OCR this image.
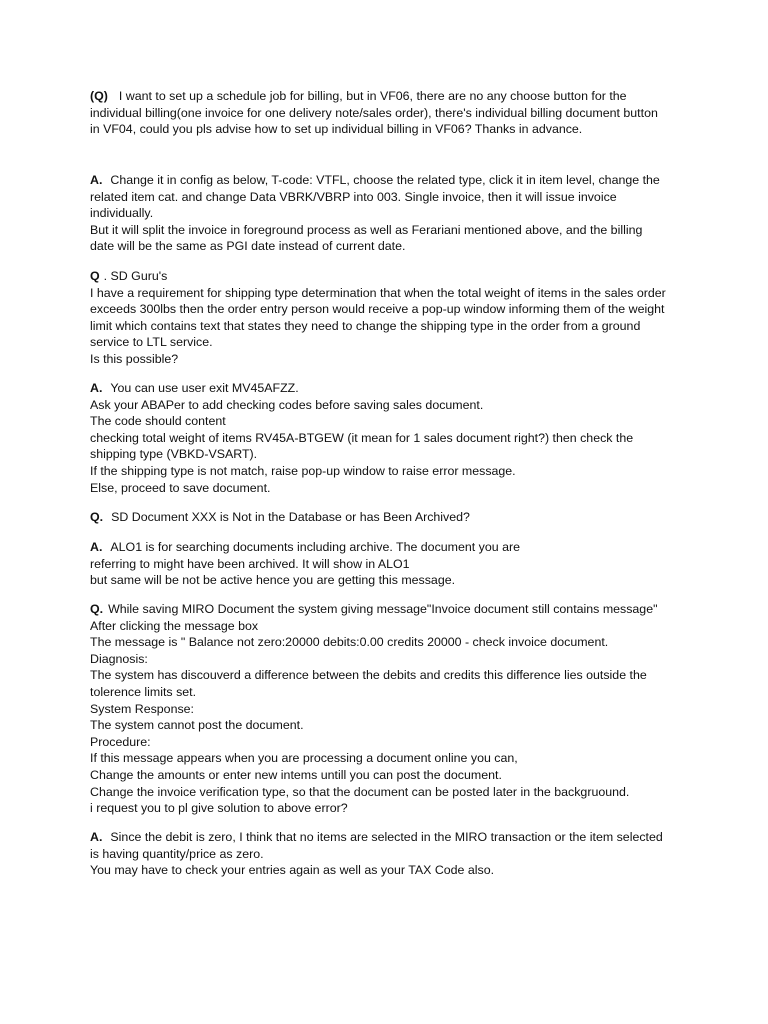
(Q) I want to set up a schedule job for billing, but in VF06, there are no any choose button for the
individual billing(one invoice for one delivery note/sales order), there's individual billing document button
in VF04, could you pls advise how to set up individual billing in VF06? Thanks in advance.
A. Change it in config as below, T-code: VTFL, choose the related type, click it in item level, change the
related item cat. and change Data VBRK/VBRP into 003. Single invoice, then it will issue invoice
individually.
But it will split the invoice in foreground process as well as Ferariani mentioned above, and the billing
date will be the same as PGI date instead of current date.
Q . SD Guru's
I have a requirement for shipping type determination that when the total weight of items in the sales order
exceeds 300lbs then the order entry person would receive a pop-up window informing them of the weight
limit which contains text that states they need to change the shipping type in the order from a ground
service to LTL service.
Is this possible?
A. You can use user exit MV45AFZZ.
Ask your ABAPer to add checking codes before saving sales document.
The code should content
checking total weight of items RV45A-BTGEW (it mean for 1 sales document right?) then check the
shipping type (VBKD-VSART).
If the shipping type is not match, raise pop-up window to raise error message.
Else, proceed to save document.
Q. SD Document XXX is Not in the Database or has Been Archived?
A. ALO1 is for searching documents including archive. The document you are
referring to might have been archived. It will show in ALO1
but same will be not be active hence you are getting this message.
Q. While saving MIRO Document the system giving message"Invoice document still contains message"
After clicking the message box
The message is " Balance not zero:20000 debits:0.00 credits 20000 - check invoice document.
Diagnosis:
The system has discouverd a difference between the debits and credits this difference lies outside the
tolerence limits set.
System Response:
The system cannot post the document.
Procedure:
If this message appears when you are processing a document online you can,
Change the amounts or enter new intems untill you can post the document.
Change the invoice verification type, so that the document can be posted later in the backgruound.
i request you to pl give solution to above error?
A. Since the debit is zero, I think that no items are selected in the MIRO transaction or the item selected
is having quantity/price as zero.
You may have to check your entries again as well as your TAX Code also.
